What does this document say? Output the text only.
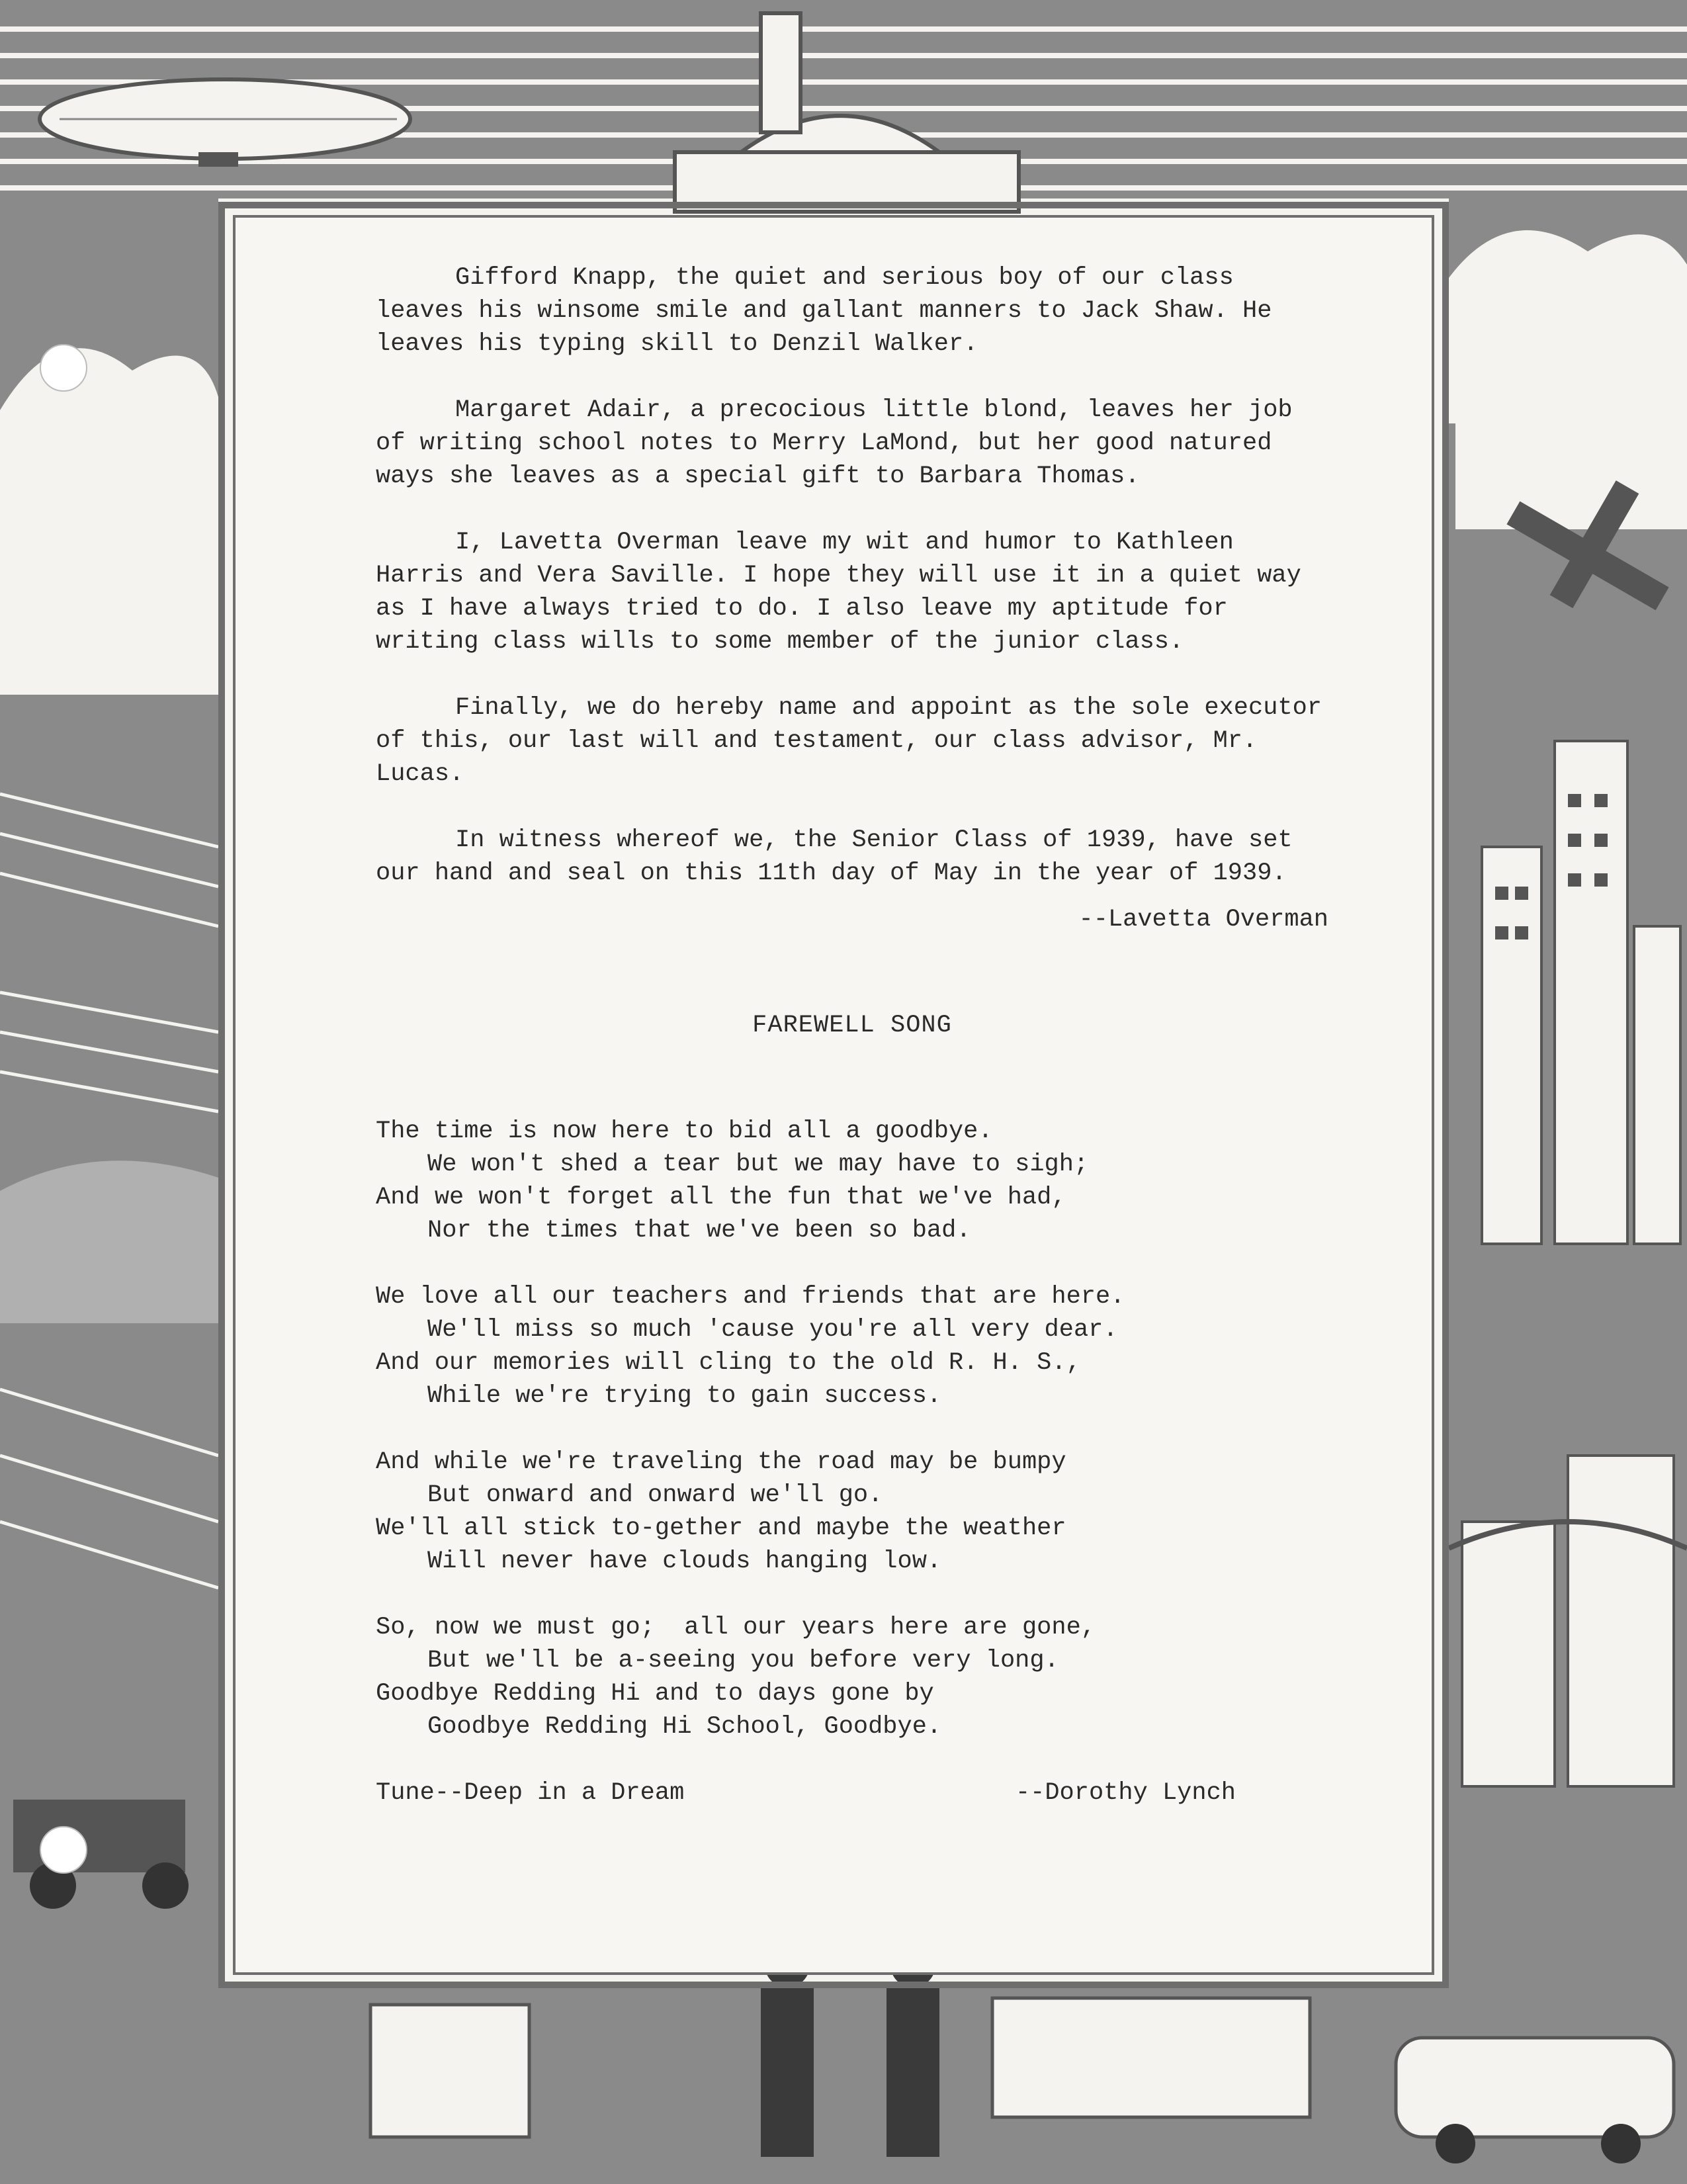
Gifford Knapp, the quiet and serious boy of our class leaves his winsome smile and gallant manners to Jack Shaw. He leaves his typing skill to Denzil Walker.

Margaret Adair, a precocious little blond, leaves her job of writing school notes to Merry LaMond, but her good natured ways she leaves as a special gift to Barbara Thomas.

I, Lavetta Overman leave my wit and humor to Kathleen Harris and Vera Saville. I hope they will use it in a quiet way as I have always tried to do. I also leave my aptitude for writing class wills to some member of the junior class.

Finally, we do hereby name and appoint as the sole executor of this, our last will and testament, our class advisor, Mr. Lucas.

In witness whereof we, the Senior Class of 1939, have set our hand and seal on this 11th day of May in the year of 1939.

--Lavetta Overman
FAREWELL SONG
The time is now here to bid all a goodbye.
We won't shed a tear but we may have to sigh;
And we won't forget all the fun that we've had,
Nor the times that we've been so bad.
We love all our teachers and friends that are here.
We'll miss so much 'cause you're all very dear.
And our memories will cling to the old R. H. S.,
While we're trying to gain success.
And while we're traveling the road may be bumpy
But onward and onward we'll go.
We'll all stick to-gether and maybe the weather
Will never have clouds hanging low.
So, now we must go;  all our years here are gone,
But we'll be a-seeing you before very long.
Goodbye Redding Hi and to days gone by
Goodbye Redding Hi School, Goodbye.
Tune--Deep in a Dream	--Dorothy Lynch
